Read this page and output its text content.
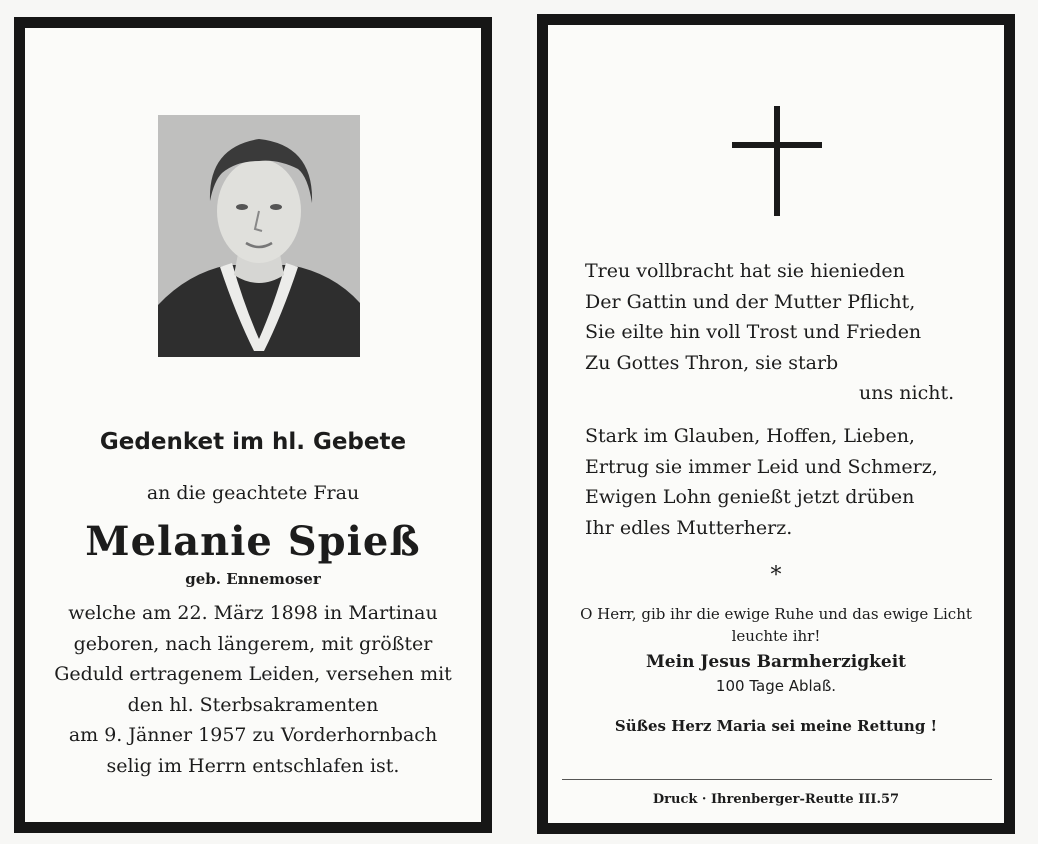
Gedenket im hl. Gebete
an die geachtete Frau
Melanie Spieß
geb. Ennemoser
welche am 22. März 1898 in Martinau
geboren, nach längerem, mit größter
Geduld ertragenem Leiden, versehen mit
den hl. Sterbsakramenten
am 9. Jänner 1957 zu Vorderhornbach
selig im Herrn entschlafen ist.
Treu vollbracht hat sie hienieden
Der Gattin und der Mutter Pflicht,
Sie eilte hin voll Trost und Frieden
Zu Gottes Thron, sie starb
uns nicht.
Stark im Glauben, Hoffen, Lieben,
Ertrug sie immer Leid und Schmerz,
Ewigen Lohn genießt jetzt drüben
Ihr edles Mutterherz.
*
O Herr, gib ihr die ewige Ruhe und das ewige Licht
leuchte ihr!
Mein Jesus Barmherzigkeit
100 Tage Ablaß.
Süßes Herz Maria sei meine Rettung !
Druck · Ihrenberger-Reutte III.57
